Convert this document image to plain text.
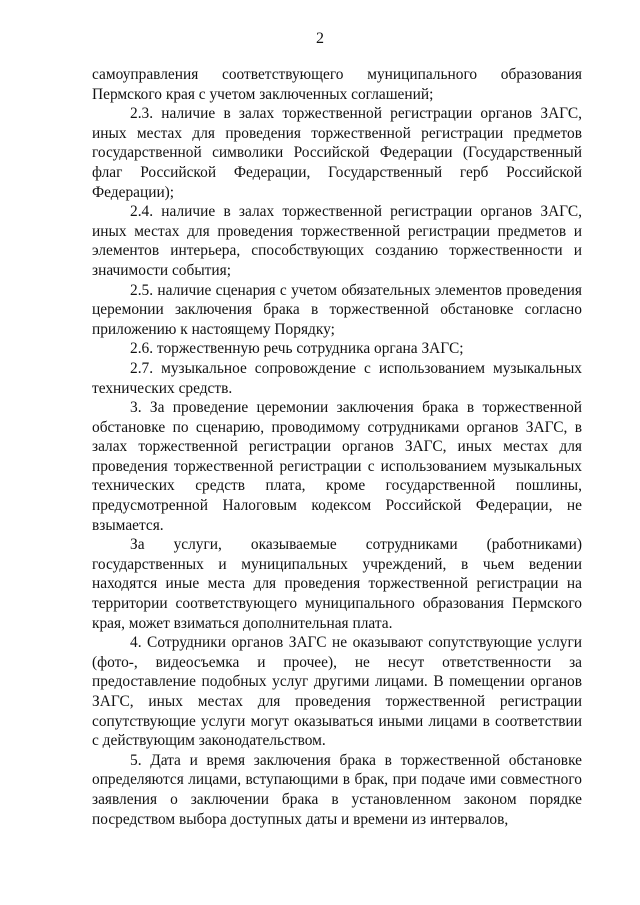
2

самоуправления соответствующего муниципального образования Пермского края с учетом заключенных соглашений;

2.3. наличие в залах торжественной регистрации органов ЗАГС, иных местах для проведения торжественной регистрации предметов государственной символики Российской Федерации (Государственный флаг Российской Федерации, Государственный герб Российской Федерации);

2.4. наличие в залах торжественной регистрации органов ЗАГС, иных местах для проведения торжественной регистрации предметов и элементов интерьера, способствующих созданию торжественности и значимости события;

2.5. наличие сценария с учетом обязательных элементов проведения церемонии заключения брака в торжественной обстановке согласно приложению к настоящему Порядку;

2.6. торжественную речь сотрудника органа ЗАГС;

2.7. музыкальное сопровождение с использованием музыкальных технических средств.

3. За проведение церемонии заключения брака в торжественной обстановке по сценарию, проводимому сотрудниками органов ЗАГС, в залах торжественной регистрации органов ЗАГС, иных местах для проведения торжественной регистрации с использованием музыкальных технических средств плата, кроме государственной пошлины, предусмотренной Налоговым кодексом Российской Федерации, не взымается.

За услуги, оказываемые сотрудниками (работниками) государственных и муниципальных учреждений, в чьем ведении находятся иные места для проведения торжественной регистрации на территории соответствующего муниципального образования Пермского края, может взиматься дополнительная плата.

4. Сотрудники органов ЗАГС не оказывают сопутствующие услуги (фото-, видеосъемка и прочее), не несут ответственности за предоставление подобных услуг другими лицами. В помещении органов ЗАГС, иных местах для проведения торжественной регистрации сопутствующие услуги могут оказываться иными лицами в соответствии с действующим законодательством.

5. Дата и время заключения брака в торжественной обстановке определяются лицами, вступающими в брак, при подаче ими совместного заявления о заключении брака в установленном законом порядке посредством выбора доступных даты и времени из интервалов,
